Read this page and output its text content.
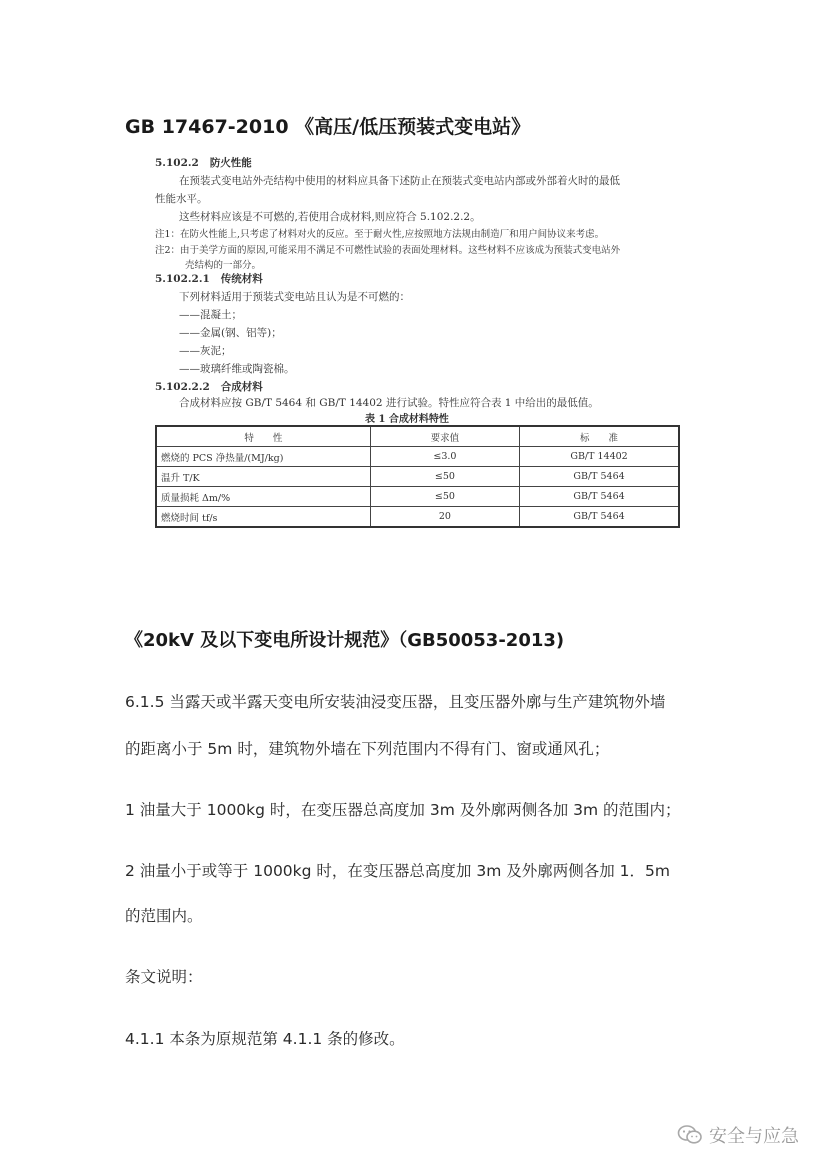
GB 17467-2010 《高压/低压预装式变电站》
5.102.2 防火性能
在预装式变电站外壳结构中使用的材料应具备下述防止在预装式变电站内部或外部着火时的最低
性能水平。
这些材料应该是不可燃的,若使用合成材料,则应符合 5.102.2.2。
注1：在防火性能上,只考虑了材料对火的反应。至于耐火性,应按照地方法规由制造厂和用户间协议来考虑。
注2：由于美学方面的原因,可能采用不满足不可燃性试验的表面处理材料。这些材料不应该成为预装式变电站外
壳结构的一部分。
5.102.2.1 传统材料
下列材料适用于预装式变电站且认为是不可燃的：
——混凝土；
——金属(钢、铝等)；
——灰泥；
——玻璃纤维或陶瓷棉。
5.102.2.2 合成材料
合成材料应按 GB/T 5464 和 GB/T 14402 进行试验。特性应符合表 1 中给出的最低值。
表 1 合成材料特性
特　　性	要求值	标　　准
燃烧的 PCS 净热量/(MJ/kg)	≤3.0	GB/T 14402
温升 T/K	≤50	GB/T 5464
质量损耗 Δm/%	≤50	GB/T 5464
燃烧时间 tf/s	20	GB/T 5464
《20kV 及以下变电所设计规范》（GB50053-2013)
6.1.5 当露天或半露天变电所安装油浸变压器，且变压器外廓与生产建筑物外墙
的距离小于 5m 时，建筑物外墙在下列范围内不得有门、窗或通风孔；
1 油量大于 1000kg 时，在变压器总高度加 3m 及外廓两侧各加 3m 的范围内；
2 油量小于或等于 1000kg 时，在变压器总高度加 3m 及外廓两侧各加 1．5m
的范围内。
条文说明：
4.1.1 本条为原规范第 4.1.1 条的修改。
安全与应急
